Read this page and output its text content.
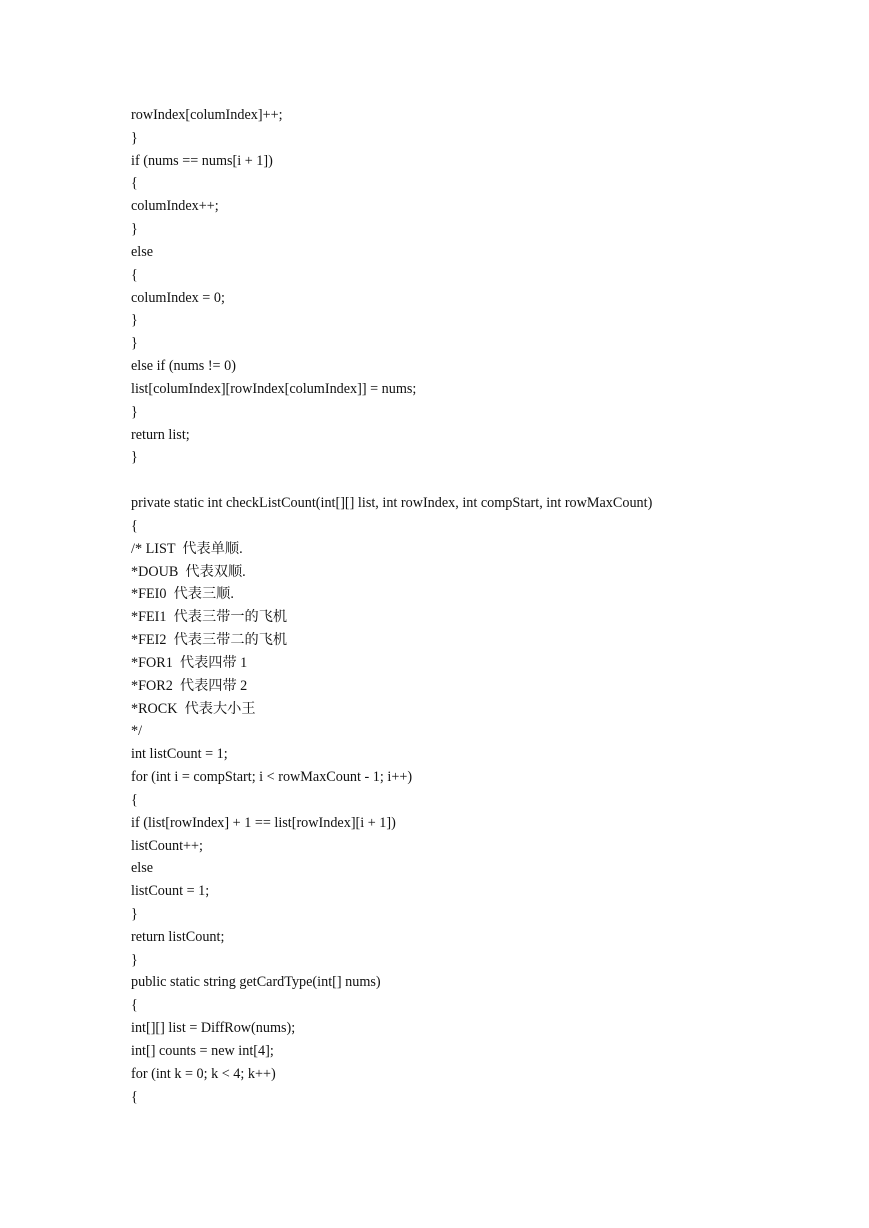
rowIndex[columIndex]++;
}
if (nums == nums[i + 1])
{
columIndex++;
}
else
{
columIndex = 0;
}
}
else if (nums != 0)
list[columIndex][rowIndex[columIndex]] = nums;
}
return list;
}
private static int checkListCount(int[][] list, int rowIndex, int compStart, int rowMaxCount)
{
/* LIST  代表单顺.
*DOUB  代表双顺.
*FEI0  代表三顺.
*FEI1  代表三带一的飞机
*FEI2  代表三带二的飞机
*FOR1  代表四带 1
*FOR2  代表四带 2
*ROCK  代表大小王
*/
int listCount = 1;
for (int i = compStart; i < rowMaxCount - 1; i++)
{
if (list[rowIndex] + 1 == list[rowIndex][i + 1])
listCount++;
else
listCount = 1;
}
return listCount;
}
public static string getCardType(int[] nums)
{
int[][] list = DiffRow(nums);
int[] counts = new int[4];
for (int k = 0; k < 4; k++)
{
